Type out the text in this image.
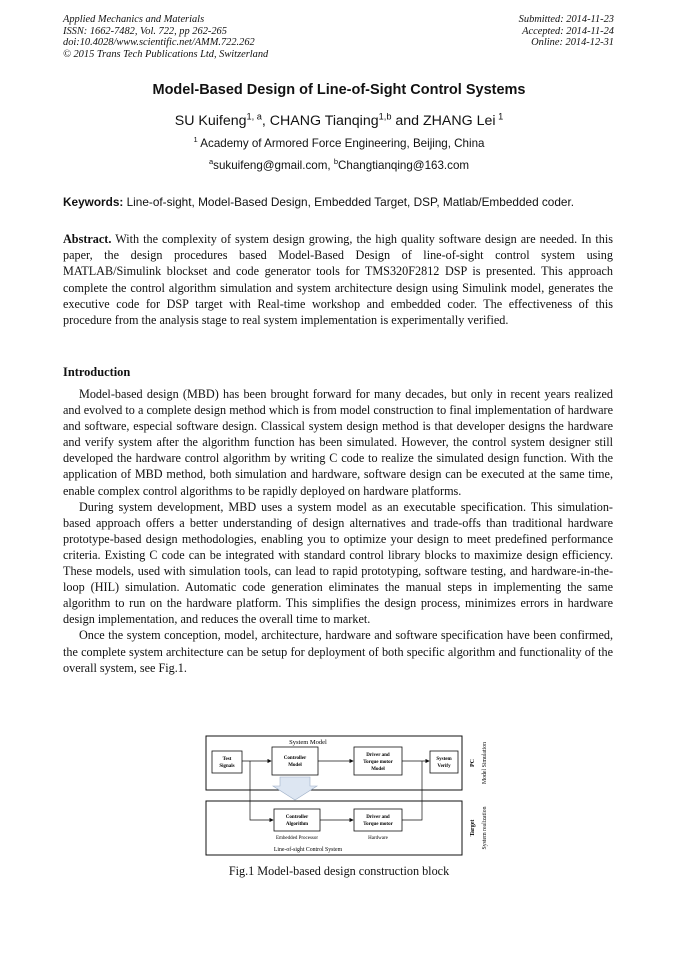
Applied Mechanics and Materials
ISSN: 1662-7482, Vol. 722, pp 262-265
doi:10.4028/www.scientific.net/AMM.722.262
© 2015 Trans Tech Publications Ltd, Switzerland
Submitted: 2014-11-23
Accepted: 2014-11-24
Online: 2014-12-31
Model-Based Design of Line-of-Sight Control Systems
SU Kuifeng$^{1, a}$, CHANG Tianqing$^{1,b}$ and ZHANG Lei $^1$
$^1$ Academy of Armored Force Engineering, Beijing, China
$^a$sukuifeng@gmail.com, $^b$Changtianqing@163.com
Keywords: Line-of-sight, Model-Based Design, Embedded Target, DSP, Matlab/Embedded coder.
Abstract. With the complexity of system design growing, the high quality software design are needed. In this paper, the design procedures based Model-Based Design of line-of-sight control system using MATLAB/Simulink blockset and code generator tools for TMS320F2812 DSP is presented. This approach complete the control algorithm simulation and system architecture design using Simulink model, generates the executive code for DSP target with Real-time workshop and embedded coder. The effectiveness of this procedure from the analysis stage to real system implementation is experimentally verified.
Introduction

Model-based design (MBD) has been brought forward for many decades, but only in recent years realized and evolved to a complete design method which is from model construction to final implementation of hardware and software, especial software design. Classical system design method is that developer designs the hardware and verify system after the algorithm function has been simulated. However, the control system designer still developed the hardware control algorithm by writing C code to realize the simulated design function. With the application of MBD method, both simulation and hardware, software design can be executed at the same time, enable complex control algorithms to be rapidly deployed on hardware platforms.

During system development, MBD uses a system model as an executable specification. This simulation-based approach offers a better understanding of design alternatives and trade-offs than traditional hardware prototype-based design methodologies, enabling you to optimize your design to meet predefined performance criteria. Existing C code can be integrated with standard control library blocks to maximize design efficiency. These models, used with simulation tools, can lead to rapid prototyping, software testing, and hardware-in-the-loop (HIL) simulation. Automatic code generation eliminates the manual steps in implementing the same algorithm to run on the hardware platform. This simplifies the design process, minimizes errors in hardware design implementation, and reduces the overall time to market.

Once the system conception, model, architecture, hardware and software specification have been confirmed, the complete system architecture can be setup for deployment of both specific algorithm and functionality of the overall system, see Fig.1.

System Model
Test
Signals
Controller
Model
Driver and
Torque motor
Model
System
Verify
Controller
Algorithm
Driver and
Torque motor
Embedded Processor	Hardware
Line-of-sight Control System
PC Model Simulation
Target System realization
Fig.1 Model-based design construction block
